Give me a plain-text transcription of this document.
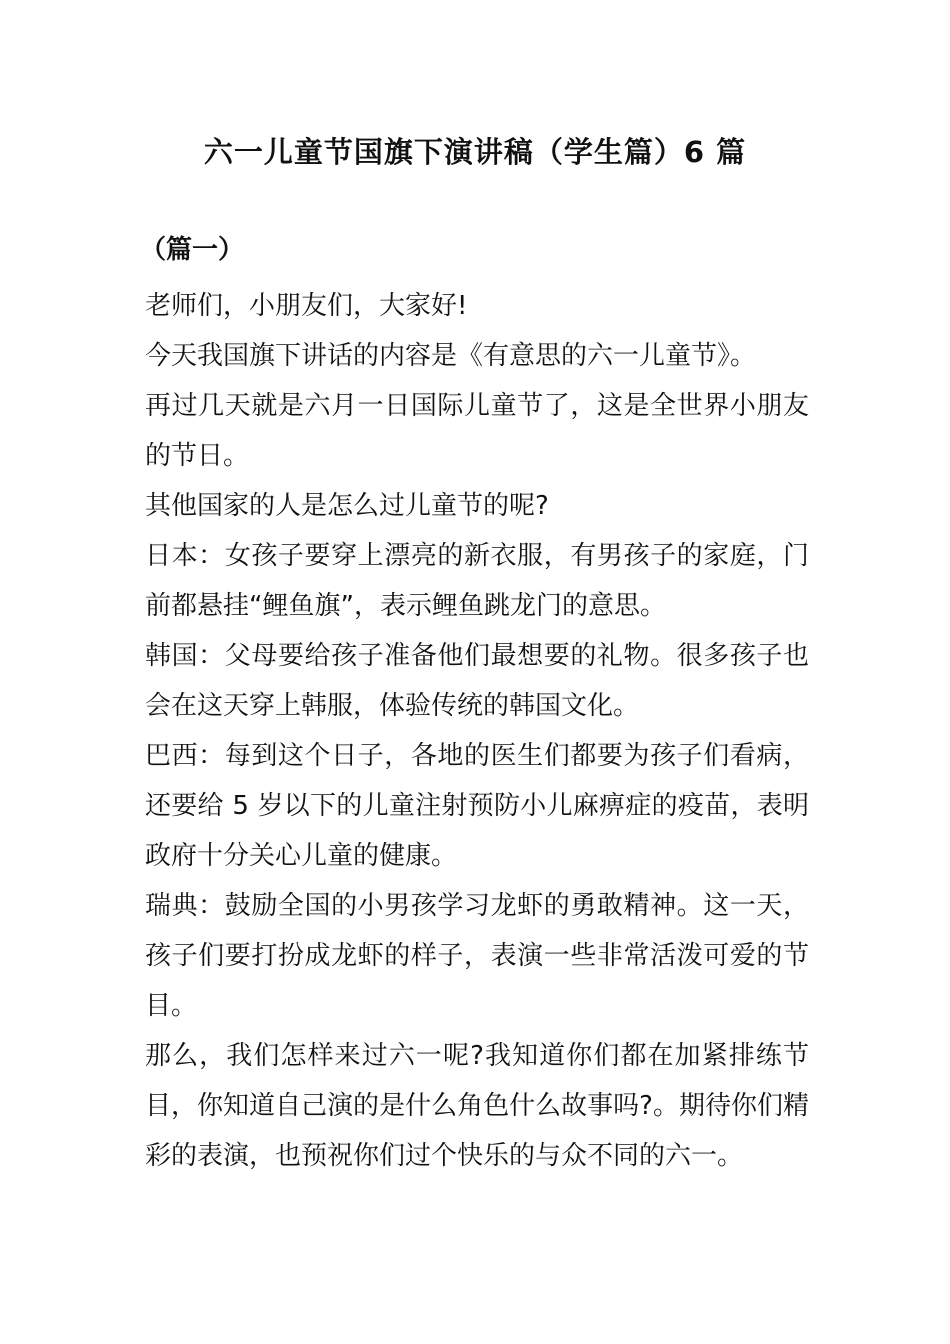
六一儿童节国旗下演讲稿（学生篇）6 篇
（篇一）

老师们，小朋友们，大家好!

今天我国旗下讲话的内容是《有意思的六一儿童节》。

再过几天就是六月一日国际儿童节了，这是全世界小朋友的节日。

其他国家的人是怎么过儿童节的呢?

日本：女孩子要穿上漂亮的新衣服，有男孩子的家庭，门前都悬挂“鲤鱼旗”，表示鲤鱼跳龙门的意思。

韩国：父母要给孩子准备他们最想要的礼物。很多孩子也会在这天穿上韩服，体验传统的韩国文化。

巴西：每到这个日子，各地的医生们都要为孩子们看病，还要给 5 岁以下的儿童注射预防小儿麻痹症的疫苗，表明政府十分关心儿童的健康。

瑞典：鼓励全国的小男孩学习龙虾的勇敢精神。这一天，孩子们要打扮成龙虾的样子，表演一些非常活泼可爱的节目。

那么，我们怎样来过六一呢?我知道你们都在加紧排练节目，你知道自己演的是什么角色什么故事吗?。期待你们精彩的表演，也预祝你们过个快乐的与众不同的六一。
